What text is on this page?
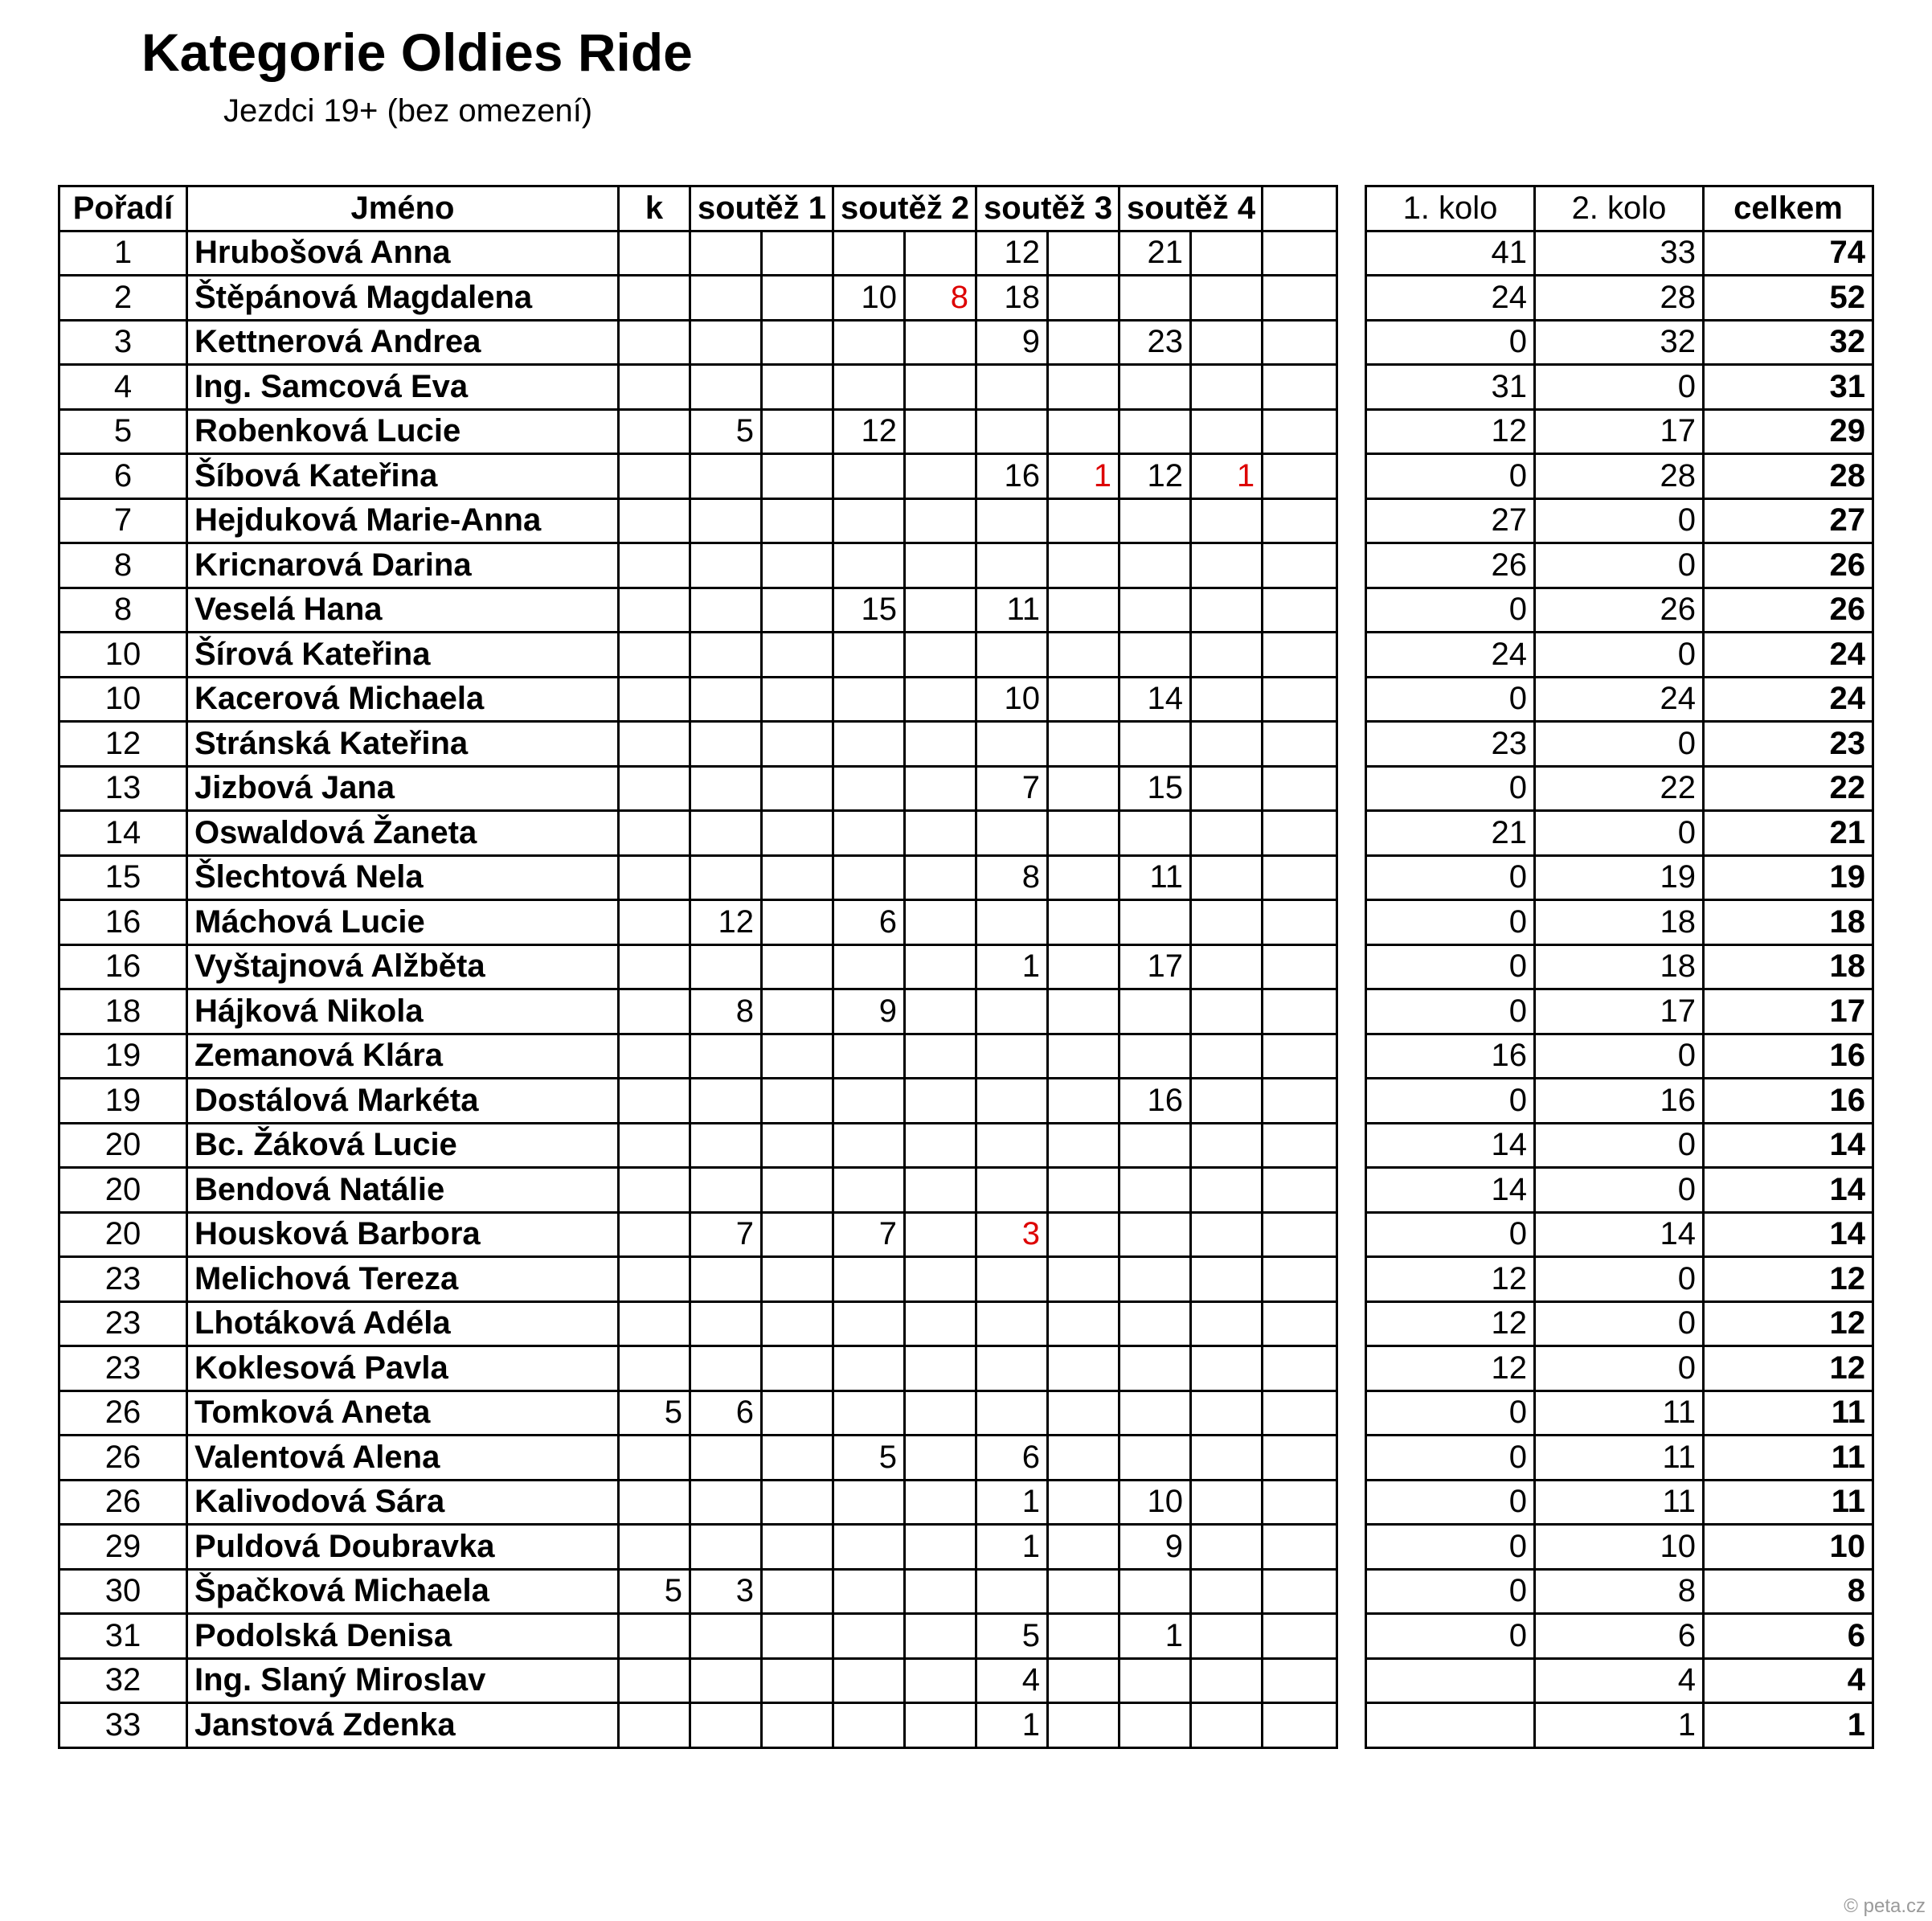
Kategorie Oldies Ride
Jezdci 19+ (bez omezení)
Pořadí	Jméno	k	soutěž 1		soutěž 2		soutěž 3		soutěž 4		
1	Hrubošová Anna						12		21		
2	Štěpánová Magdalena				10	8	18				
3	Kettnerová Andrea						9		23		
4	Ing. Samcová Eva										
5	Robenková Lucie		5		12						
6	Šíbová Kateřina						16	1	12	1	
7	Hejduková Marie-Anna										
8	Kricnarová Darina										
8	Veselá Hana				15		11				
10	Šírová Kateřina										
10	Kacerová Michaela						10		14		
12	Stránská Kateřina										
13	Jizbová Jana						7		15		
14	Oswaldová Žaneta										
15	Šlechtová Nela						8		11		
16	Máchová Lucie		12		6						
16	Vyštajnová Alžběta						1		17		
18	Hájková Nikola		8		9						
19	Zemanová Klára										
19	Dostálová Markéta								16		
20	Bc. Žáková Lucie										
20	Bendová Natálie										
20	Housková Barbora		7		7		3				
23	Melichová Tereza										
23	Lhotáková Adéla										
23	Koklesová Pavla										
26	Tomková Aneta	5	6								
26	Valentová Alena				5		6				
26	Kalivodová Sára						1		10		
29	Puldová Doubravka						1		9		
30	Špačková Michaela	5	3								
31	Podolská Denisa						5		1		
32	Ing. Slaný Miroslav						4				
33	Janstová Zdenka						1				
1. kolo	2. kolo	celkem
41	33	74
24	28	52
0	32	32
31	0	31
12	17	29
0	28	28
27	0	27
26	0	26
0	26	26
24	0	24
0	24	24
23	0	23
0	22	22
21	0	21
0	19	19
0	18	18
0	18	18
0	17	17
16	0	16
0	16	16
14	0	14
14	0	14
0	14	14
12	0	12
12	0	12
12	0	12
0	11	11
0	11	11
0	11	11
0	10	10
0	8	8
0	6	6
	4	4
	1	1
© peta.cz
